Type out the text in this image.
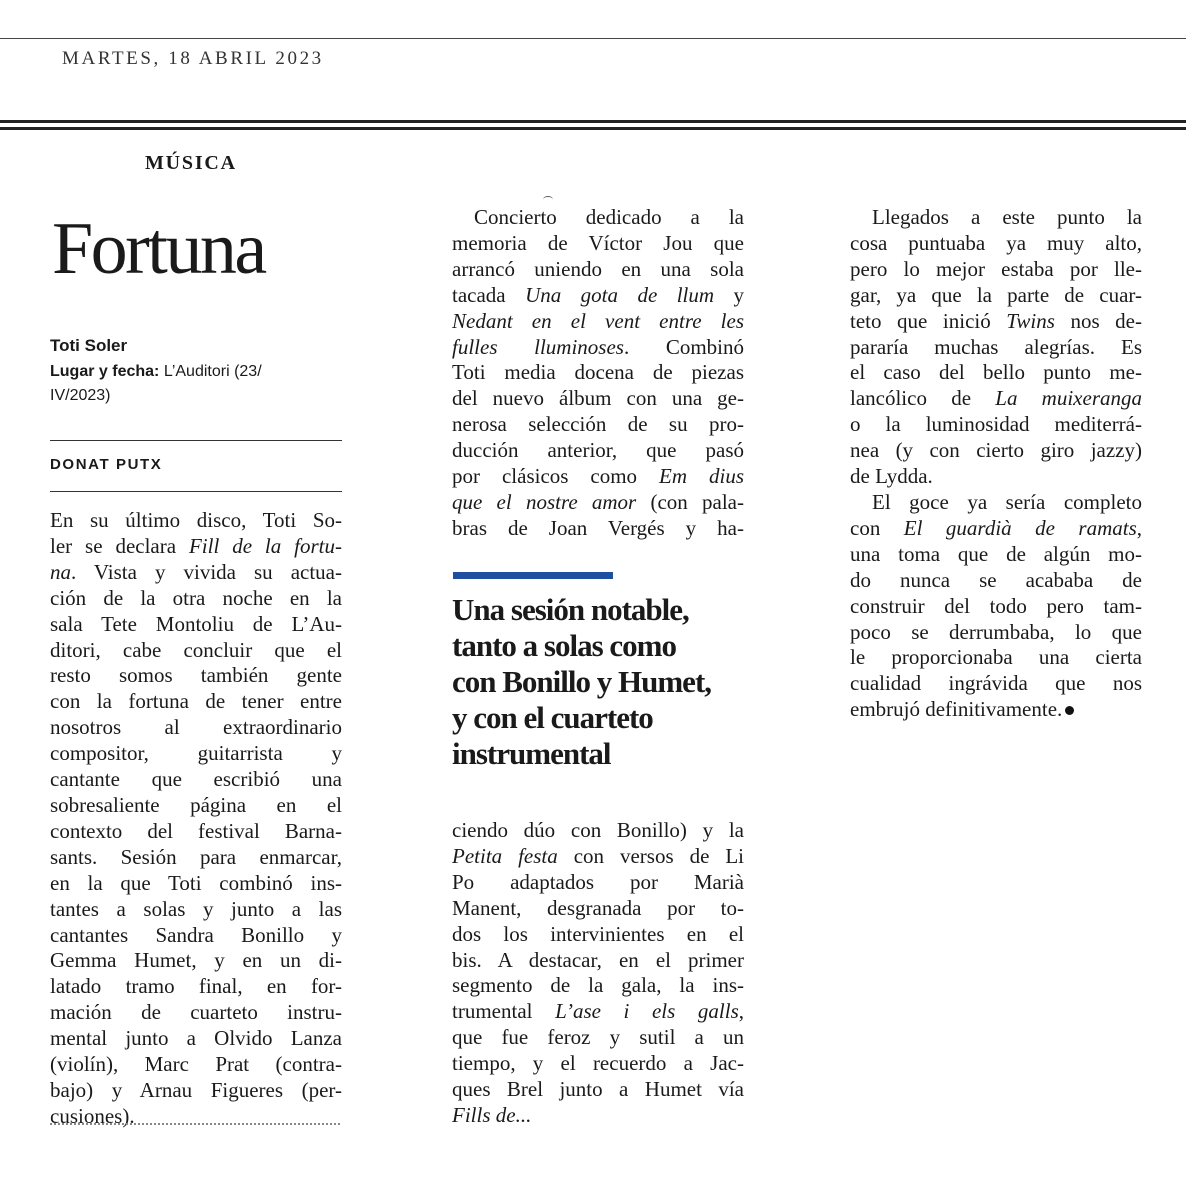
MARTES, 18 ABRIL 2023
MÚSICA
Fortuna
Toti Soler
Lugar y fecha: L’Auditori (23/
IV/2023)
DONAT PUTX
En su último disco, Toti So-
ler se declara Fill de la fortu-
na. Vista y vivida su actua-
ción de la otra noche en la
sala Tete Montoliu de L’Au-
ditori, cabe concluir que el
resto somos también gente
con la fortuna de tener entre
nosotros al extraordinario
compositor, guitarrista y
cantante que escribió una
sobresaliente página en el
contexto del festival Barna-
sants. Sesión para enmarcar,
en la que Toti combinó ins-
tantes a solas y junto a las
cantantes Sandra Bonillo y
Gemma Humet, y en un di-
latado tramo final, en for-
mación de cuarteto instru-
mental junto a Olvido Lanza
(violín), Marc Prat (contra-
bajo) y Arnau Figueres (per-
cusiones).
Concierto dedicado a la
memoria de Víctor Jou que
arrancó uniendo en una sola
tacada Una gota de llum y
Nedant en el vent entre les
fulles lluminoses. Combinó
Toti media docena de piezas
del nuevo álbum con una ge-
nerosa selección de su pro-
ducción anterior, que pasó
por clásicos como Em dius
que el nostre amor (con pala-
bras de Joan Vergés y ha-
Una sesión notable,
tanto a solas como
con Bonillo y Humet,
y con el cuarteto
instrumental
ciendo dúo con Bonillo) y la
Petita festa con versos de Li
Po adaptados por Marià
Manent, desgranada por to-
dos los intervinientes en el
bis. A destacar, en el primer
segmento de la gala, la ins-
trumental L’ase i els galls,
que fue feroz y sutil a un
tiempo, y el recuerdo a Jac-
ques Brel junto a Humet vía
Fills de...
Llegados a este punto la
cosa puntuaba ya muy alto,
pero lo mejor estaba por lle-
gar, ya que la parte de cuar-
teto que inició Twins nos de-
pararía muchas alegrías. Es
el caso del bello punto me-
lancólico de La muixeranga
o la luminosidad mediterrá-
nea (y con cierto giro jazzy)
de Lydda.
El goce ya sería completo
con El guardià de ramats,
una toma que de algún mo-
do nunca se acababa de
construir del todo pero tam-
poco se derrumbaba, lo que
le proporcionaba una cierta
cualidad ingrávida que nos
embrujó definitivamente.
